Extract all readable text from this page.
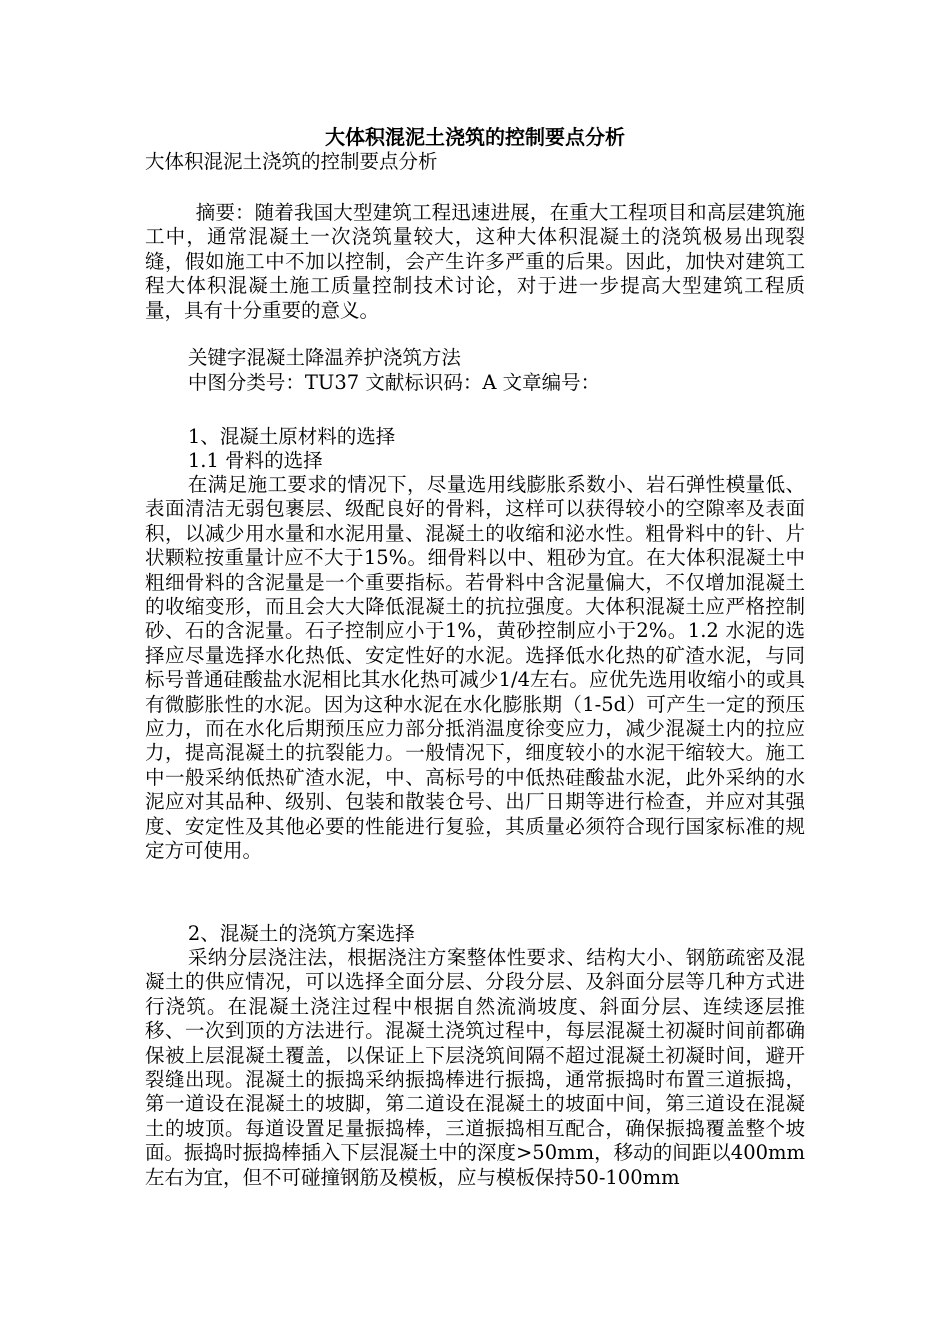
大体积混泥土浇筑的控制要点分析
大体积混泥土浇筑的控制要点分析
摘要：随着我国大型建筑工程迅速进展，在重大工程项目和高层建筑施工中，通常混凝土一次浇筑量较大，这种大体积混凝土的浇筑极易出现裂缝，假如施工中不加以控制，会产生许多严重的后果。因此，加快对建筑工程大体积混凝土施工质量控制技术讨论，对于进一步提高大型建筑工程质量，具有十分重要的意义。
关键字混凝土降温养护浇筑方法
中图分类号：TU37 文献标识码：A 文章编号：
1、混凝土原材料的选择
1.1 骨料的选择
在满足施工要求的情况下，尽量选用线膨胀系数小、岩石弹性模量低、表面清洁无弱包裹层、级配良好的骨料，这样可以获得较小的空隙率及表面积，以减少用水量和水泥用量、混凝土的收缩和泌水性。粗骨料中的针、片状颗粒按重量计应不大于15%。细骨料以中、粗砂为宜。在大体积混凝土中粗细骨料的含泥量是一个重要指标。若骨料中含泥量偏大，不仅增加混凝土的收缩变形，而且会大大降低混凝土的抗拉强度。大体积混凝土应严格控制砂、石的含泥量。石子控制应小于1%，黄砂控制应小于2%。1.2 水泥的选择应尽量选择水化热低、安定性好的水泥。选择低水化热的矿渣水泥，与同标号普通硅酸盐水泥相比其水化热可减少1/4左右。应优先选用收缩小的或具有微膨胀性的水泥。因为这种水泥在水化膨胀期（1-5d）可产生一定的预压应力，而在水化后期预压应力部分抵消温度徐变应力，减少混凝土内的拉应力，提高混凝土的抗裂能力。一般情况下，细度较小的水泥干缩较大。施工中一般采纳低热矿渣水泥，中、高标号的中低热硅酸盐水泥，此外采纳的水泥应对其品种、级别、包装和散装仓号、出厂日期等进行检查，并应对其强度、安定性及其他必要的性能进行复验，其质量必须符合现行国家标准的规定方可使用。
2、混凝土的浇筑方案选择
采纳分层浇注法，根据浇注方案整体性要求、结构大小、钢筋疏密及混凝土的供应情况，可以选择全面分层、分段分层、及斜面分层等几种方式进行浇筑。在混凝土浇注过程中根据自然流淌坡度、斜面分层、连续逐层推移、一次到顶的方法进行。混凝土浇筑过程中，每层混凝土初凝时间前都确保被上层混凝土覆盖，以保证上下层浇筑间隔不超过混凝土初凝时间，避开裂缝出现。混凝土的振捣采纳振捣棒进行振捣，通常振捣时布置三道振捣，第一道设在混凝土的坡脚，第二道设在混凝土的坡面中间，第三道设在混凝土的坡顶。每道设置足量振捣棒，三道振捣相互配合，确保振捣覆盖整个坡面。振捣时振捣棒插入下层混凝土中的深度>50mm，移动的间距以400mm左右为宜，但不可碰撞钢筋及模板，应与模板保持50-100mm
